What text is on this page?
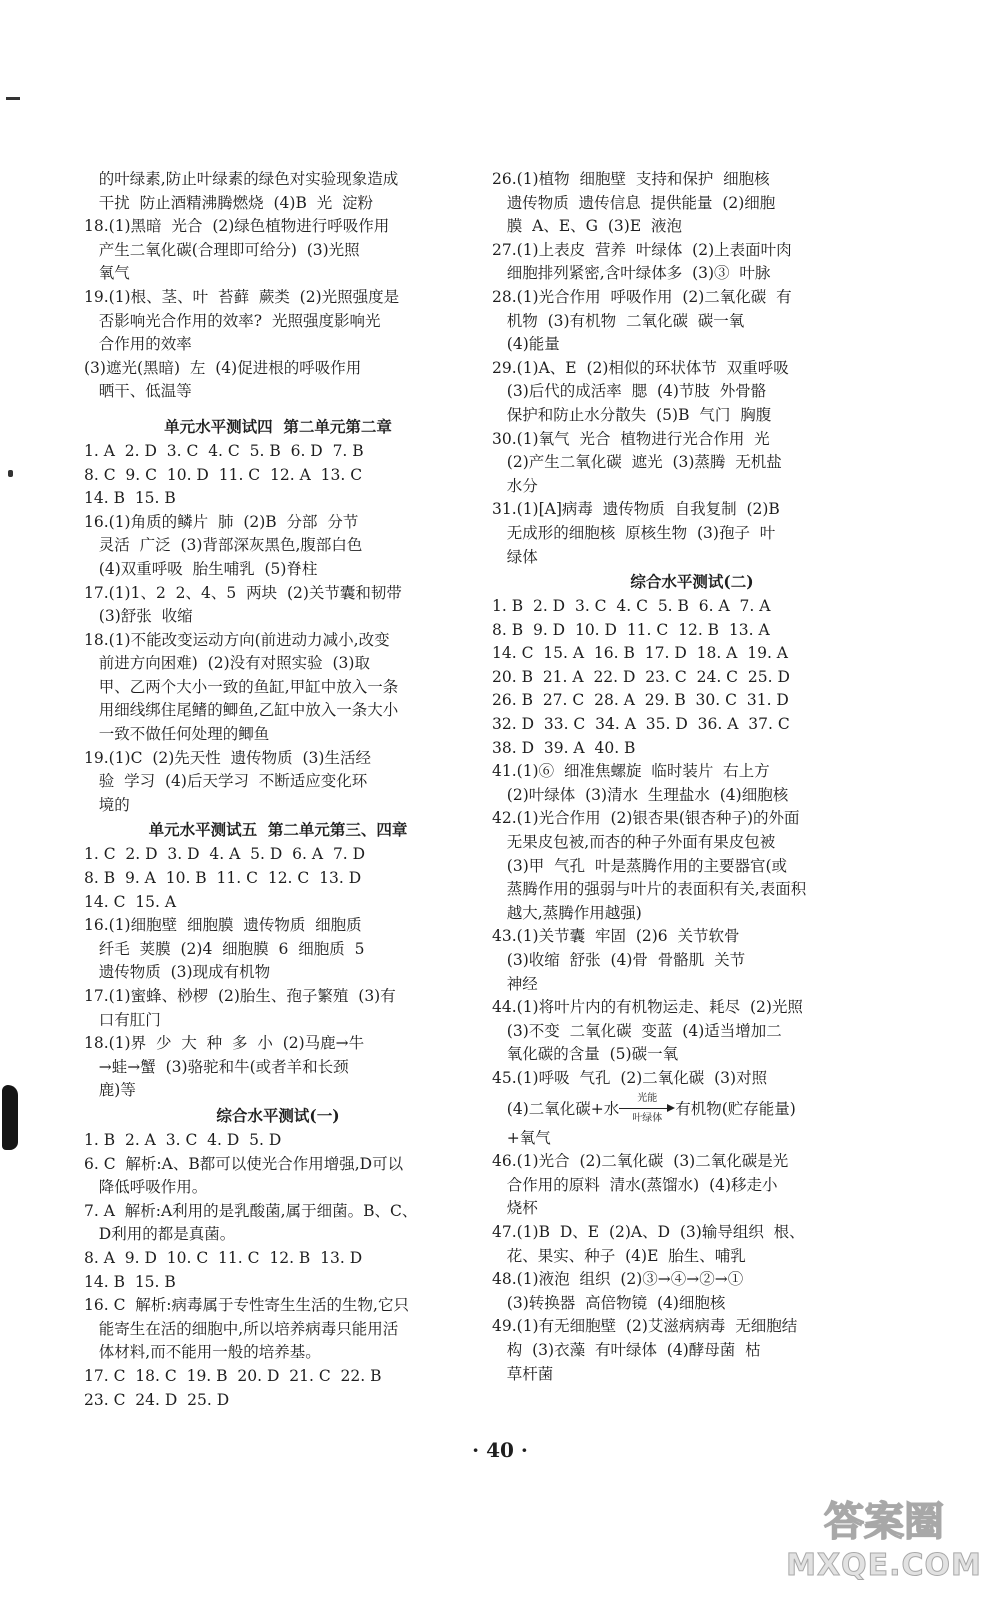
的叶绿素,防止叶绿素的绿色对实验现象造成
干扰  防止酒精沸腾燃烧  (4)B  光  淀粉
18.(1)黑暗  光合  (2)绿色植物进行呼吸作用
产生二氧化碳(合理即可给分)  (3)光照
氧气
19.(1)根、茎、叶  苔藓  蕨类  (2)光照强度是
否影响光合作用的效率?  光照强度影响光
合作用的效率
(3)遮光(黑暗)  左  (4)促进根的呼吸作用
晒干、低温等
单元水平测试四  第二单元第二章
1. A  2. D  3. C  4. C  5. B  6. D  7. B
8. C  9. C  10. D  11. C  12. A  13. C
14. B  15. B
16.(1)角质的鳞片  肺  (2)B  分部  分节
灵活  广泛  (3)背部深灰黑色,腹部白色
(4)双重呼吸  胎生哺乳  (5)脊柱
17.(1)1、2  2、4、5  两块  (2)关节囊和韧带
(3)舒张  收缩
18.(1)不能改变运动方向(前进动力减小,改变
前进方向困难)  (2)没有对照实验  (3)取
甲、乙两个大小一致的鱼缸,甲缸中放入一条
用细线绑住尾鳍的鲫鱼,乙缸中放入一条大小
一致不做任何处理的鲫鱼
19.(1)C  (2)先天性  遗传物质  (3)生活经
验  学习  (4)后天学习  不断适应变化环
境的
单元水平测试五  第二单元第三、四章
1. C  2. D  3. D  4. A  5. D  6. A  7. D
8. B  9. A  10. B  11. C  12. C  13. D
14. C  15. A
16.(1)细胞壁  细胞膜  遗传物质  细胞质
纤毛  荚膜  (2)4  细胞膜  6  细胞质  5
遗传物质  (3)现成有机物
17.(1)蜜蜂、桫椤  (2)胎生、孢子繁殖  (3)有
口有肛门
18.(1)界  少  大  种  多  小  (2)马鹿→牛
→蛙→蟹  (3)骆驼和牛(或者羊和长颈
鹿)等
综合水平测试(一)
1. B  2. A  3. C  4. D  5. D
6. C  解析:A、B都可以使光合作用增强,D可以
降低呼吸作用。
7. A  解析:A利用的是乳酸菌,属于细菌。B、C、
D利用的都是真菌。
8. A  9. D  10. C  11. C  12. B  13. D
14. B  15. B
16. C  解析:病毒属于专性寄生生活的生物,它只
能寄生在活的细胞中,所以培养病毒只能用活
体材料,而不能用一般的培养基。
17. C  18. C  19. B  20. D  21. C  22. B
23. C  24. D  25. D
26.(1)植物  细胞壁  支持和保护  细胞核
遗传物质  遗传信息  提供能量  (2)细胞
膜  A、E、G  (3)E  液泡
27.(1)上表皮  营养  叶绿体  (2)上表面叶肉
细胞排列紧密,含叶绿体多  (3)③  叶脉
28.(1)光合作用  呼吸作用  (2)二氧化碳  有
机物  (3)有机物  二氧化碳  碳一氧
(4)能量
29.(1)A、E  (2)相似的环状体节  双重呼吸
(3)后代的成活率  腮  (4)节肢  外骨骼
保护和防止水分散失  (5)B  气门  胸腹
30.(1)氧气  光合  植物进行光合作用  光
(2)产生二氧化碳  遮光  (3)蒸腾  无机盐
水分
31.(1)[A]病毒  遗传物质  自我复制  (2)B
无成形的细胞核  原核生物  (3)孢子  叶
绿体
综合水平测试(二)
1. B  2. D  3. C  4. C  5. B  6. A  7. A
8. B  9. D  10. D  11. C  12. B  13. A
14. C  15. A  16. B  17. D  18. A  19. A
20. B  21. A  22. D  23. C  24. C  25. D
26. B  27. C  28. A  29. B  30. C  31. D
32. D  33. C  34. A  35. D  36. A  37. C
38. D  39. A  40. B
41.(1)⑥  细准焦螺旋  临时装片  右上方
(2)叶绿体  (3)清水  生理盐水  (4)细胞核
42.(1)光合作用  (2)银杏果(银杏种子)的外面
无果皮包被,而杏的种子外面有果皮包被
(3)甲  气孔  叶是蒸腾作用的主要器官(或
蒸腾作用的强弱与叶片的表面积有关,表面积
越大,蒸腾作用越强)
43.(1)关节囊  牢固  (2)6  关节软骨
(3)收缩  舒张  (4)骨  骨骼肌  关节
神经
44.(1)将叶片内的有机物运走、耗尽  (2)光照
(3)不变  二氧化碳  变蓝  (4)适当增加二
氧化碳的含量  (5)碳一氧
45.(1)呼吸  气孔  (2)二氧化碳  (3)对照
(4)二氧化碳+水
光能
叶绿体
有机物(贮存能量)
+氧气
46.(1)光合  (2)二氧化碳  (3)二氧化碳是光
合作用的原料  清水(蒸馏水)  (4)移走小
烧杯
47.(1)B  D、E  (2)A、D  (3)输导组织  根、
花、果实、种子  (4)E  胎生、哺乳
48.(1)液泡  组织  (2)③→④→②→①
(3)转换器  高倍物镜  (4)细胞核
49.(1)有无细胞壁  (2)艾滋病病毒  无细胞结
构  (3)衣藻  有叶绿体  (4)酵母菌  枯
草杆菌
· 40 ·
答案圈
MXQE.COM
